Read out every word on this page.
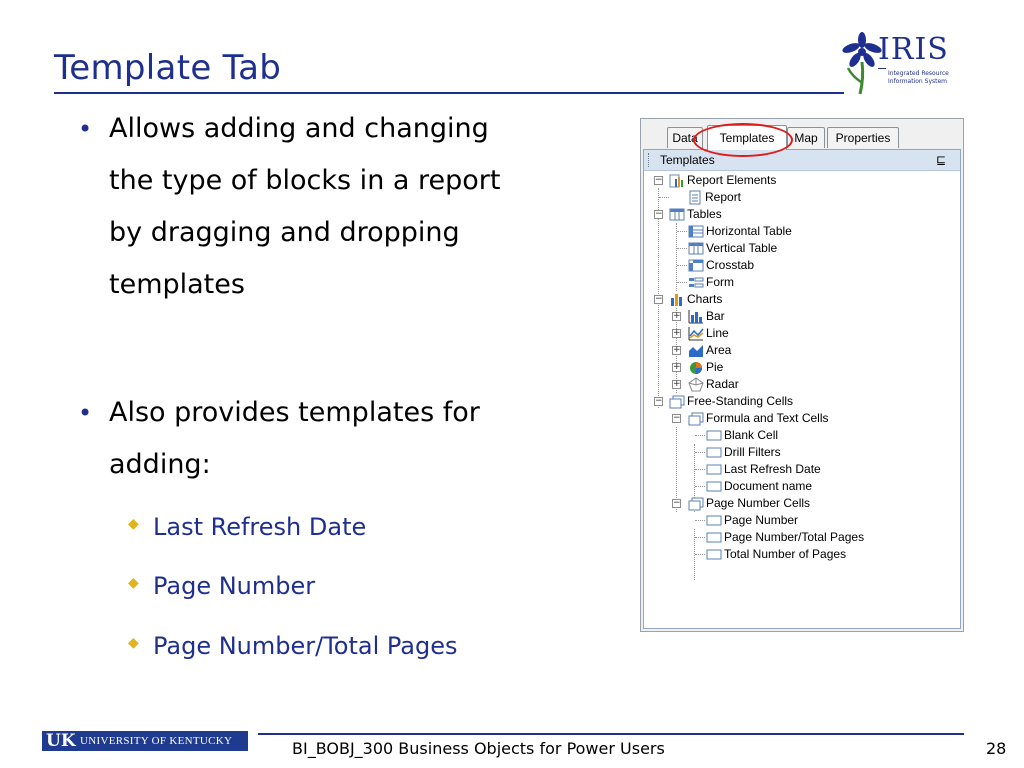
Template Tab	IRIS
Integrated Resource
Information System
• Allows adding and changing
the type of blocks in a report
by dragging and dropping
templates
• Also provides templates for
adding:
◆ Last Refresh Date
◆ Page Number
◆ Page Number/Total Pages
Data	Templates	Map	Properties
Templates	⊑
− Report Elements
Report
− Tables
Horizontal Table
Vertical Table
Crosstab
Form
− Charts
+ Bar
+ Line
+ Area
+ Pie
+ Radar
− Free-Standing Cells
− Formula and Text Cells
Blank Cell
Drill Filters
Last Refresh Date
Document name
− Page Number Cells
Page Number
Page Number/Total Pages
Total Number of Pages
UK UNIVERSITY OF KENTUCKY	BI_BOBJ_300 Business Objects for Power Users	28
